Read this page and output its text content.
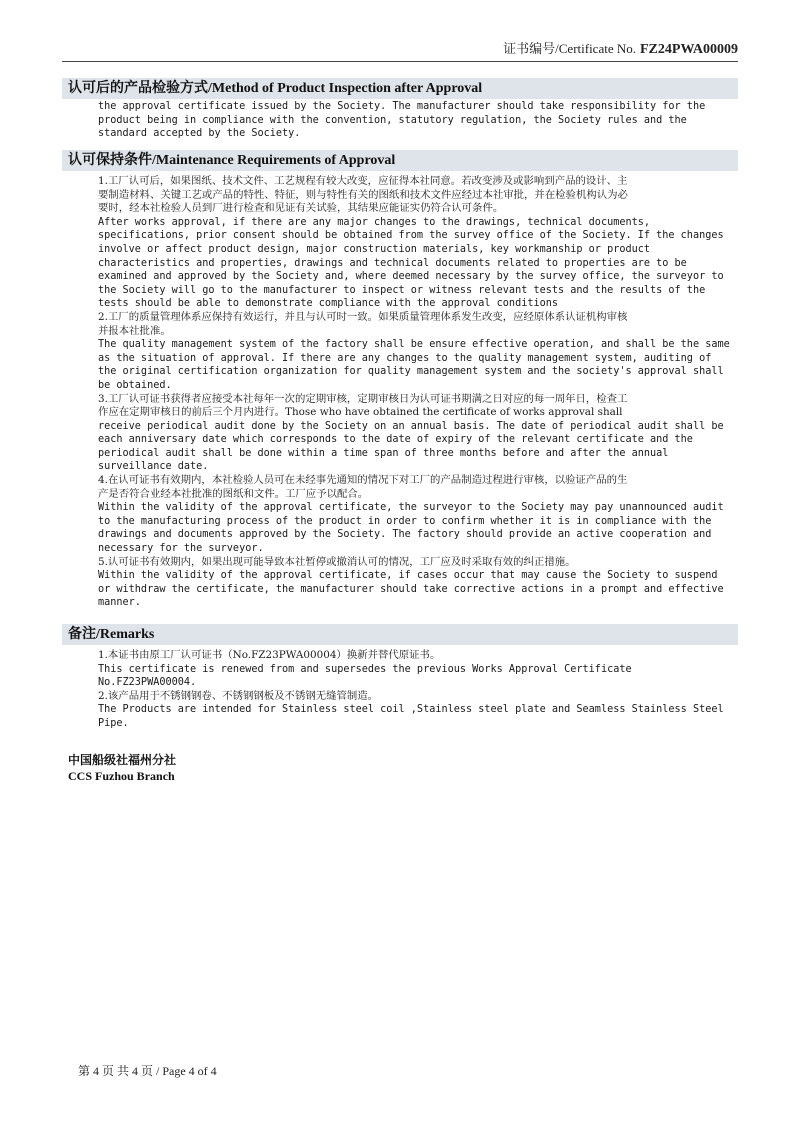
证书编号/Certificate No. FZ24PWA00009
认可后的产品检验方式/Method of Product Inspection after Approval

the approval certificate issued by the Society. The manufacturer should take responsibility for the

product being in compliance with the convention, statutory regulation, the Society rules and the

standard accepted by the Society.

认可保持条件/Maintenance Requirements of Approval

1.工厂认可后，如果图纸、技术文件、工艺规程有较大改变，应征得本社同意。若改变涉及或影响到产品的设计、主

要制造材料、关键工艺或产品的特性、特征，则与特性有关的图纸和技术文件应经过本社审批，并在检验机构认为必

要时，经本社检验人员到厂进行检查和见证有关试验，其结果应能证实仍符合认可条件。

After works approval, if there are any major changes to the drawings, technical documents,

specifications, prior consent should be obtained from the survey office of the Society. If the changes

involve or affect product design, major construction materials, key workmanship or product

characteristics and properties, drawings and technical documents related to properties are to be

examined and approved by the Society and, where deemed necessary by the survey office, the surveyor to

the Society will go to the manufacturer to inspect or witness relevant tests and the results of the

tests should be able to demonstrate compliance with the approval conditions

2.工厂的质量管理体系应保持有效运行，并且与认可时一致。如果质量管理体系发生改变，应经原体系认证机构审核

并报本社批准。

The quality management system of the factory shall be ensure effective operation, and shall be the same

as the situation of approval. If there are any changes to the quality management system, auditing of

the original certification organization for quality management system and the society's approval shall

be obtained.

3.工厂认可证书获得者应接受本社每年一次的定期审核，定期审核日为认可证书期满之日对应的每一周年日，检查工

作应在定期审核日的前后三个月内进行。Those who have obtained the certificate of works approval shall

receive periodical audit done by the Society on an annual basis. The date of periodical audit shall be

each anniversary date which corresponds to the date of expiry of the relevant certificate and the

periodical audit shall be done within a time span of three months before and after the annual

surveillance date.

4.在认可证书有效期内，本社检验人员可在未经事先通知的情况下对工厂的产品制造过程进行审核，以验证产品的生

产是否符合业经本社批准的图纸和文件。工厂应予以配合。

Within the validity of the approval certificate, the surveyor to the Society may pay unannounced audit

to the manufacturing process of the product in order to confirm whether it is in compliance with the

drawings and documents approved by the Society. The factory should provide an active cooperation and

necessary for the surveyor.

5.认可证书有效期内，如果出现可能导致本社暂停或撤消认可的情况，工厂应及时采取有效的纠正措施。

Within the validity of the approval certificate, if cases occur that may cause the Society to suspend

or withdraw the certificate, the manufacturer should take corrective actions in a prompt and effective

manner.

备注/Remarks

1.本证书由原工厂认可证书（No.FZ23PWA00004）换新并替代原证书。

This certificate is renewed from and supersedes the previous Works Approval Certificate

No.FZ23PWA00004.

2.该产品用于不锈钢钢卷、不锈钢钢板及不锈钢无缝管制造。

The Products are intended for Stainless steel coil ,Stainless steel plate and Seamless Stainless Steel

Pipe.

中国船级社福州分社
CCS Fuzhou Branch
第 4 页 共 4 页 / Page 4 of 4
